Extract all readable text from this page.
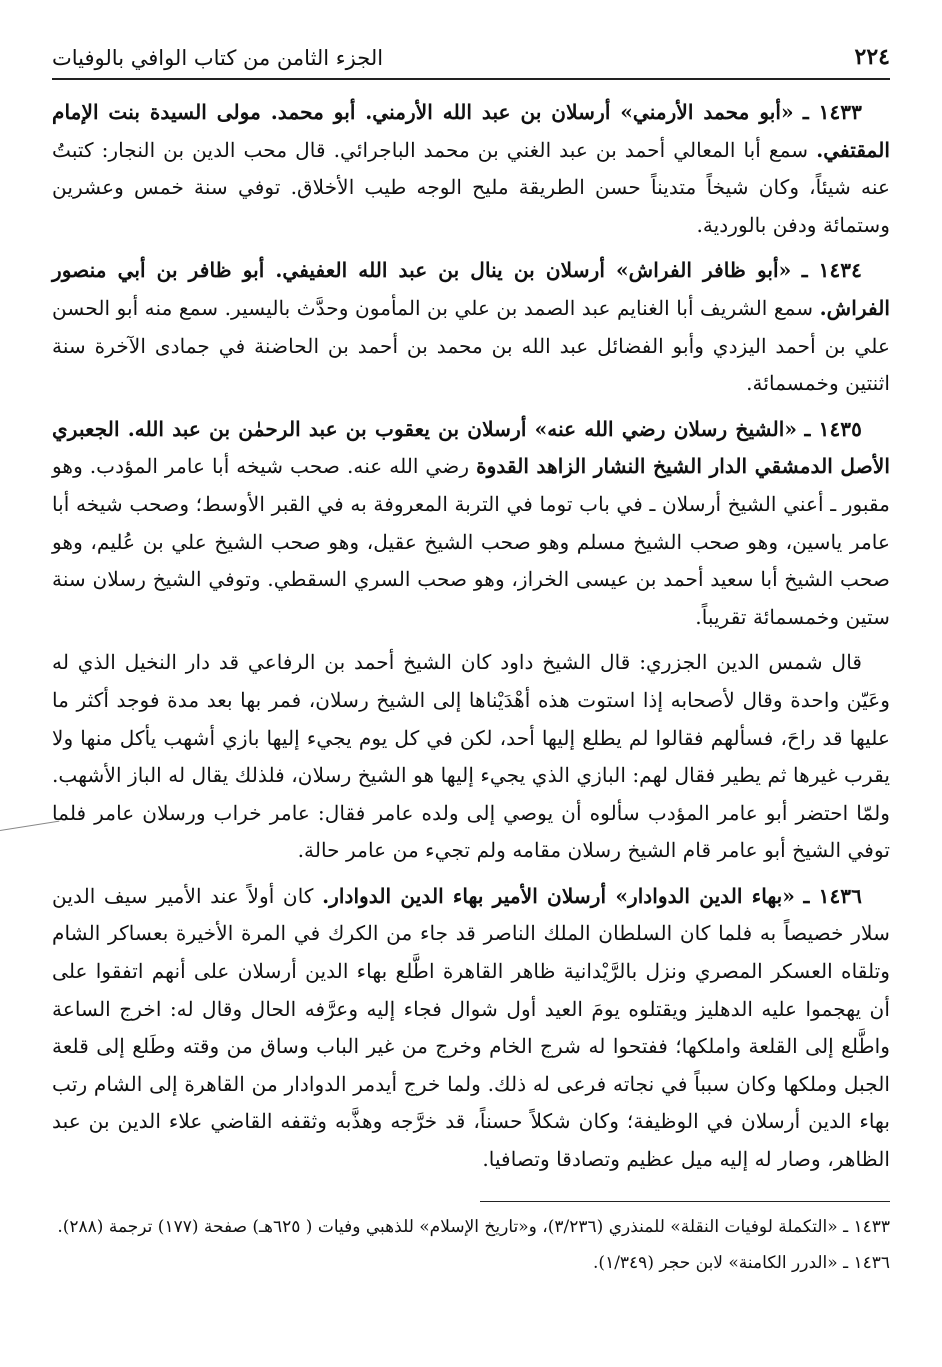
٢٢٤
الجزء الثامن من كتاب الوافي بالوفيات

١٤٣٣ ـ «أبو محمد الأرمني» أرسلان بن عبد الله الأرمني. أبو محمد. مولى السيدة بنت الإمام المقتفي. سمع أبا المعالي أحمد بن عبد الغني بن محمد الباجرائي. قال محب الدين بن النجار: كتبتُ عنه شيئاً، وكان شيخاً متديناً حسن الطريقة مليح الوجه طيب الأخلاق. توفي سنة خمس وعشرين وستمائة ودفن بالوردية.

١٤٣٤ ـ «أبو ظافر الفراش» أرسلان بن ينال بن عبد الله العفيفي. أبو ظافر بن أبي منصور الفراش. سمع الشريف أبا الغنايم عبد الصمد بن علي بن المأمون وحدَّث باليسير. سمع منه أبو الحسن علي بن أحمد اليزدي وأبو الفضائل عبد الله بن محمد بن أحمد بن الحاضنة في جمادى الآخرة سنة اثنتين وخمسمائة.

١٤٣٥ ـ «الشيخ رسلان رضي الله عنه» أرسلان بن يعقوب بن عبد الرحمٰن بن عبد الله. الجعبري الأصل الدمشقي الدار الشيخ النشار الزاهد القدوة رضي الله عنه. صحب شيخه أبا عامر المؤدب. وهو مقبور ـ أعني الشيخ أرسلان ـ في باب توما في التربة المعروفة به في القبر الأوسط؛ وصحب شيخه أبا عامر ياسين، وهو صحب الشيخ مسلم وهو صحب الشيخ عقيل، وهو صحب الشيخ علي بن عُليم، وهو صحب الشيخ أبا سعيد أحمد بن عيسى الخراز، وهو صحب السري السقطي. وتوفي الشيخ رسلان سنة ستين وخمسمائة تقريباً.

قال شمس الدين الجزري: قال الشيخ داود كان الشيخ أحمد بن الرفاعي قد دار النخيل الذي له وعَيّن واحدة وقال لأصحابه إذا استوت هذه أهْدَيْناها إلى الشيخ رسلان، فمر بها بعد مدة فوجد أكثر ما عليها قد راحَ، فسألهم فقالوا لم يطلع إليها أحد، لكن في كل يوم يجيء إليها بازي أشهب يأكل منها ولا يقرب غيرها ثم يطير فقال لهم: البازي الذي يجيء إليها هو الشيخ رسلان، فلذلك يقال له الباز الأشهب. ولمّا احتضر أبو عامر المؤدب سألوه أن يوصي إلى ولده عامر فقال: عامر خراب ورسلان عامر فلما توفي الشيخ أبو عامر قام الشيخ رسلان مقامه ولم تجيء من عامر حالة.

١٤٣٦ ـ «بهاء الدين الدوادار» أرسلان الأمير بهاء الدين الدوادار. كان أولاً عند الأمير سيف الدين سلار خصيصاً به فلما كان السلطان الملك الناصر قد جاء من الكرك في المرة الأخيرة بعساكر الشام وتلقاه العسكر المصري ونزل بالرَّيْدانية ظاهر القاهرة اطَّلع بهاء الدين أرسلان على أنهم اتفقوا على أن يهجموا عليه الدهليز ويقتلوه يومَ العيد أول شوال فجاء إليه وعرَّفه الحال وقال له: اخرج الساعة واطَّلع إلى القلعة واملكها؛ ففتحوا له شرج الخام وخرج من غير الباب وساق من وقته وطَلع إلى قلعة الجبل وملكها وكان سبباً في نجاته فرعى له ذلك. ولما خرج أيدمر الدوادار من القاهرة إلى الشام رتب بهاء الدين أرسلان في الوظيفة؛ وكان شكلاً حسناً، قد خرَّجه وهذَّبه وثقفه القاضي علاء الدين بن عبد الظاهر، وصار له إليه ميل عظيم وتصادقا وتصافيا.

١٤٣٣ ـ «التكملة لوفيات النقلة» للمنذري (٣/٢٣٦)، و«تاريخ الإسلام» للذهبي وفيات ( ٦٢٥هـ) صفحة (١٧٧) ترجمة (٢٨٨).

١٤٣٦ ـ «الدرر الكامنة» لابن حجر (١/٣٤٩).
